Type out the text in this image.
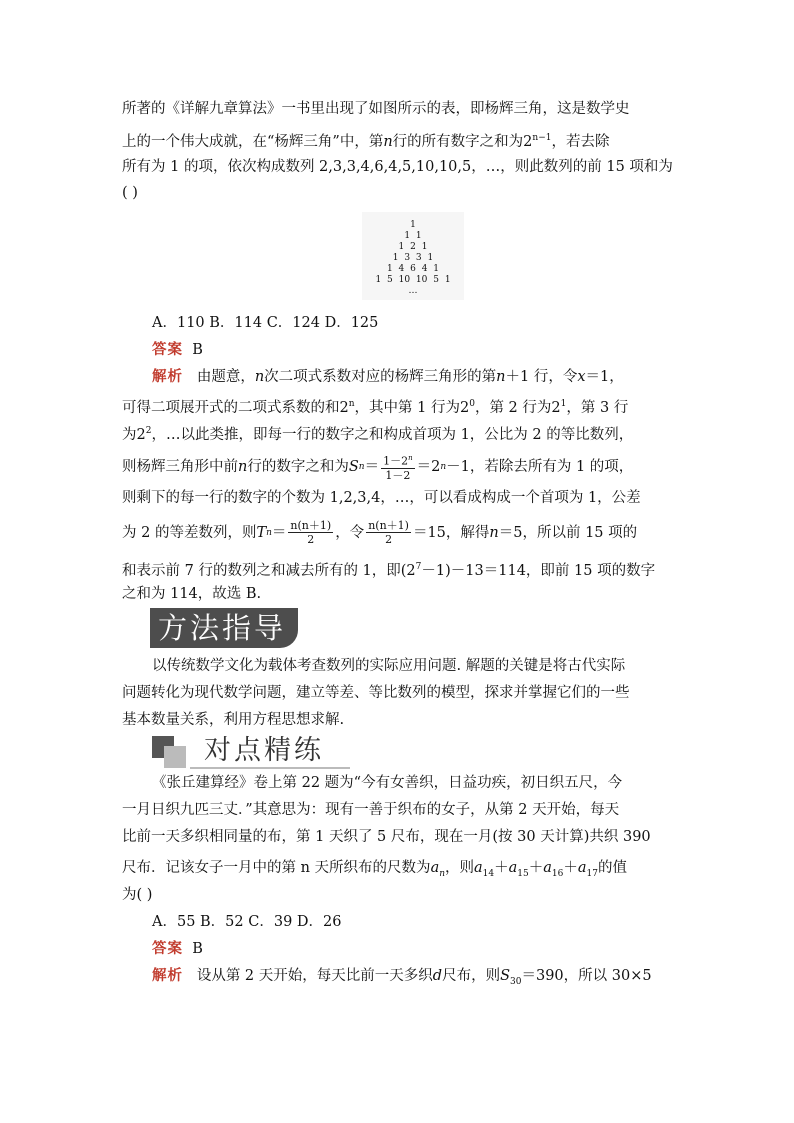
所著的《详解九章算法》一书里出现了如图所示的表，即杨辉三角，这是数学史
上的一个伟大成就，在“杨辉三角”中，第n行的所有数字之和为$2^{n-1}$，若去除
所有为 1 的项，依次构成数列 2,3,3,4,6,4,5,10,10,5，…，则此数列的前 15 项和为
( )
1
1 1
1 2 1
1 3 3 1
1 4 6 4 1
1 5 10 10 5 1
…
A．110 B．114 C．124 D．125
答案 B
解析 由题意，n次二项式系数对应的杨辉三角形的第n＋1 行，令x＝1，
可得二项展开式的二项式系数的和2$^n$，其中第 1 行为$2^0$，第 2 行为$2^1$，第 3 行
为$2^2$，…以此类推，即每一行的数字之和构成首项为 1，公比为 2 的等比数列，
则杨辉三角形中前 n 行的数字之和为 S $n = \frac{1-2^n}{1-2} =2$ n －1，若除去所有为 1 的项，
则剩下的每一行的数字的个数为 1,2,3,4，…，可以看成构成一个首项为 1，公差
为 2 的等差数列，则 T $n = \frac{n(n+1)}{2}$ ，令 $\frac{n(n+1)}{2} =15$，解得 n ＝5，所以前 15 项的
和表示前 7 行的数列之和减去所有的 1，即$(2^7-1)-13=114$，即前 15 项的数字
之和为 114，故选 B.
方法指导
以传统数学文化为载体考查数列的实际应用问题. 解题的关键是将古代实际
问题转化为现代数学问题，建立等差、等比数列的模型，探求并掌握它们的一些
基本数量关系，利用方程思想求解.
对点精练
《张丘建算经》卷上第 22 题为“今有女善织，日益功疾，初日织五尺，今
一月日织九匹三丈．”其意思为：现有一善于织布的女子，从第 2 天开始，每天
比前一天多织相同量的布，第 1 天织了 5 尺布，现在一月(按 30 天计算)共织 390
尺布．记该女子一月中的第 n 天所织布的尺数为$a_n$，则$a_{14}+a_{15}+a_{16}+a_{17}$的值
为( )
A．55 B．52 C．39 D．26
答案 B
解析 设从第 2 天开始，每天比前一天多织d尺布，则$S_{30}=390$，所以 30×5
